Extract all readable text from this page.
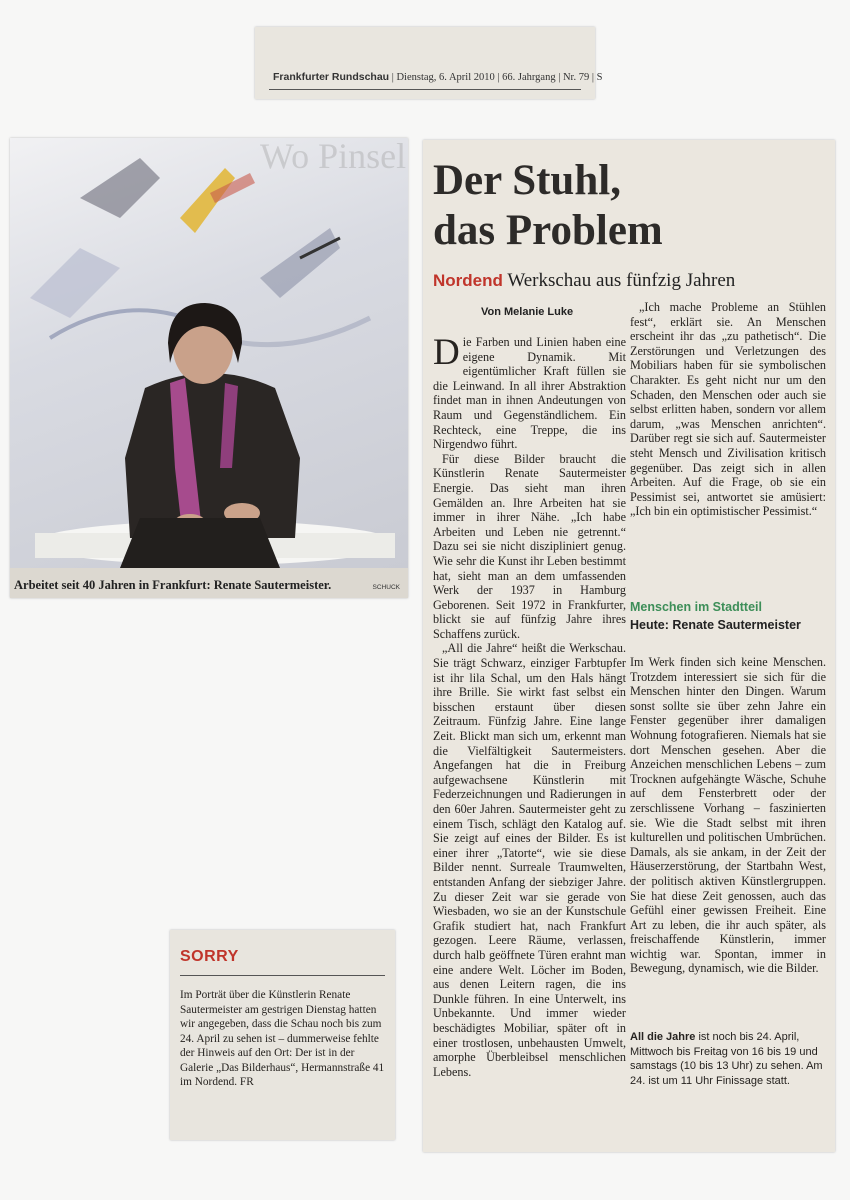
Frankfurter Rundschau | Dienstag, 6. April 2010 | 66. Jahrgang | Nr. 79 | S
Wo Pinsel
Arbeitet seit 40 Jahren in Frankfurt: Renate Sautermeister.	SCHUCK
Der Stuhl,
das Problem
Nordend Werkschau aus fünfzig Jahren
Von Melanie Luke

Die Farben und Linien haben eine eigene Dynamik. Mit eigentümlicher Kraft füllen sie die Leinwand. In all ihrer Abstraktion findet man in ihnen Andeutungen von Raum und Gegenständlichem. Ein Rechteck, eine Treppe, die ins Nirgendwo führt.

Für diese Bilder braucht die Künstlerin Renate Sautermeister Energie. Das sieht man ihren Gemälden an. Ihre Arbeiten hat sie immer in ihrer Nähe. „Ich habe Arbeiten und Leben nie getrennt.“ Dazu sei sie nicht diszipliniert genug. Wie sehr die Kunst ihr Leben bestimmt hat, sieht man an dem umfassenden Werk der 1937 in Hamburg Geborenen. Seit 1972 in Frankfurter, blickt sie auf fünfzig Jahre ihres Schaffens zurück.

„All die Jahre“ heißt die Werkschau. Sie trägt Schwarz, einziger Farbtupfer ist ihr lila Schal, um den Hals hängt ihre Brille. Sie wirkt fast selbst ein bisschen erstaunt über diesen Zeitraum. Fünfzig Jahre. Eine lange Zeit. Blickt man sich um, erkennt man die Vielfältigkeit Sautermeisters. Angefangen hat die in Freiburg aufgewachsene Künstlerin mit Federzeichnungen und Radierungen in den 60er Jahren. Sautermeister geht zu einem Tisch, schlägt den Katalog auf. Sie zeigt auf eines der Bilder. Es ist einer ihrer „Tatorte“, wie sie diese Bilder nennt. Surreale Traumwelten, entstanden Anfang der siebziger Jahre. Zu dieser Zeit war sie gerade von Wiesbaden, wo sie an der Kunstschule Grafik studiert hat, nach Frankfurt gezogen. Leere Räume, verlassen, durch halb geöffnete Türen erahnt man eine andere Welt. Löcher im Boden, aus denen Leitern ragen, die ins Dunkle führen. In eine Unterwelt, ins Unbekannte. Und immer wieder beschädigtes Mobiliar, später oft in einer trostlosen, unbehausten Umwelt, amorphe Überbleibsel menschlichen Lebens.

„Ich mache Probleme an Stühlen fest“, erklärt sie. An Menschen erscheint ihr das „zu pathetisch“. Die Zerstörungen und Verletzungen des Mobiliars haben für sie symbolischen Charakter. Es geht nicht nur um den Schaden, den Menschen oder auch sie selbst erlitten haben, sondern vor allem darum, „was Menschen anrichten“. Darüber regt sie sich auf. Sautermeister steht Mensch und Zivilisation kritisch gegenüber. Das zeigt sich in allen Arbeiten. Auf die Frage, ob sie ein Pessimist sei, antwortet sie amüsiert: „Ich bin ein optimistischer Pessimist.“

Menschen im Stadtteil
Heute: Renate Sautermeister

Im Werk finden sich keine Menschen. Trotzdem interessiert sie sich für die Menschen hinter den Dingen. Warum sonst sollte sie über zehn Jahre ein Fenster gegenüber ihrer damaligen Wohnung fotografieren. Niemals hat sie dort Menschen gesehen. Aber die Anzeichen menschlichen Lebens – zum Trocknen aufgehängte Wäsche, Schuhe auf dem Fensterbrett oder der zerschlissene Vorhang – faszinierten sie. Wie die Stadt selbst mit ihren kulturellen und politischen Umbrüchen. Damals, als sie ankam, in der Zeit der Häuserzerstörung, der Startbahn West, der politisch aktiven Künstlergruppen. Sie hat diese Zeit genossen, auch das Gefühl einer gewissen Freiheit. Eine Art zu leben, die ihr auch später, als freischaffende Künstlerin, immer wichtig war. Spontan, immer in Bewegung, dynamisch, wie die Bilder.

All die Jahre ist noch bis 24. April, Mittwoch bis Freitag von 16 bis 19 und samstags (10 bis 13 Uhr) zu sehen. Am 24. ist um 11 Uhr Finissage statt.

SORRY

Im Porträt über die Künstlerin Renate Sautermeister am gestrigen Dienstag hatten wir angegeben, dass die Schau noch bis zum 24. April zu sehen ist – dummerweise fehlte der Hinweis auf den Ort: Der ist in der Galerie „Das Bilderhaus“, Hermannstraße 41 im Nordend. FR
